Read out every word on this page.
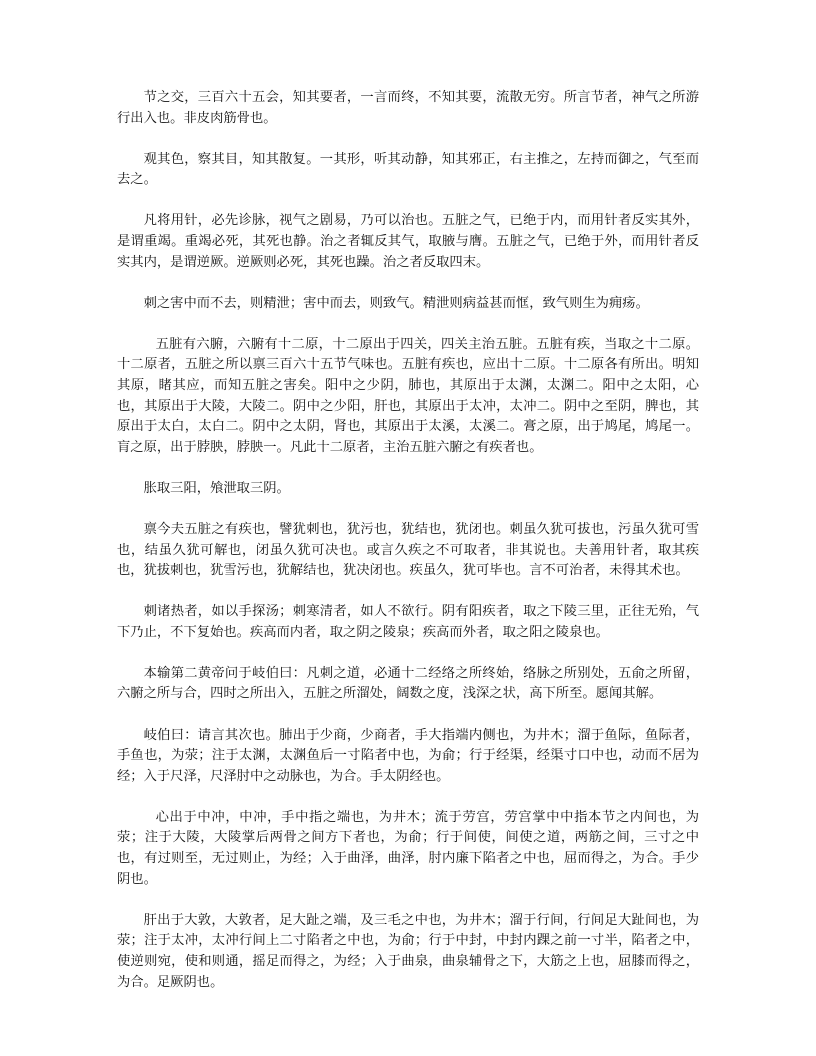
节之交，三百六十五会，知其要者，一言而终，不知其要，流散无穷。所言节者，神气之所游行出入也。非皮肉筋骨也。

观其色，察其目，知其散复。一其形，听其动静，知其邪正，右主推之，左持而御之，气至而去之。

凡将用针，必先诊脉，视气之剧易，乃可以治也。五脏之气，已绝于内，而用针者反实其外，是谓重竭。重竭必死，其死也静。治之者辄反其气，取腋与膺。五脏之气，已绝于外，而用针者反实其内，是谓逆厥。逆厥则必死，其死也躁。治之者反取四末。

刺之害中而不去，则精泄；害中而去，则致气。精泄则病益甚而恇，致气则生为痈疡。

五脏有六腑，六腑有十二原，十二原出于四关，四关主治五脏。五脏有疾，当取之十二原。十二原者，五脏之所以禀三百六十五节气味也。五脏有疾也，应出十二原。十二原各有所出。明知其原，睹其应，而知五脏之害矣。阳中之少阴，肺也，其原出于太渊，太渊二。阳中之太阳，心也，其原出于大陵，大陵二。阴中之少阳，肝也，其原出于太冲，太冲二。阴中之至阴，脾也，其原出于太白，太白二。阴中之太阴，肾也，其原出于太溪，太溪二。膏之原，出于鸠尾，鸠尾一。肓之原，出于脖胦，脖胦一。凡此十二原者，主治五脏六腑之有疾者也。

胀取三阳，飧泄取三阴。

禀今夫五脏之有疾也，譬犹刺也，犹污也，犹结也，犹闭也。刺虽久犹可拔也，污虽久犹可雪也，结虽久犹可解也，闭虽久犹可决也。或言久疾之不可取者，非其说也。夫善用针者，取其疾也，犹拔刺也，犹雪污也，犹解结也，犹决闭也。疾虽久，犹可毕也。言不可治者，未得其术也。

刺诸热者，如以手探汤；刺寒清者，如人不欲行。阴有阳疾者，取之下陵三里，正往无殆，气下乃止，不下复始也。疾高而内者，取之阴之陵泉；疾高而外者，取之阳之陵泉也。

本输第二黄帝问于岐伯曰：凡刺之道，必通十二经络之所终始，络脉之所别处，五俞之所留，六腑之所与合，四时之所出入，五脏之所溜处，阔数之度，浅深之状，高下所至。愿闻其解。

岐伯曰：请言其次也。肺出于少商，少商者，手大指端内侧也，为井木；溜于鱼际，鱼际者，手鱼也，为荥；注于太渊，太渊鱼后一寸陷者中也，为俞；行于经渠，经渠寸口中也，动而不居为经；入于尺泽，尺泽肘中之动脉也，为合。手太阴经也。

心出于中冲，中冲，手中指之端也，为井木；流于劳宫，劳宫掌中中指本节之内间也，为荥；注于大陵，大陵掌后两骨之间方下者也，为俞；行于间使，间使之道，两筋之间，三寸之中也，有过则至，无过则止，为经；入于曲泽，曲泽，肘内廉下陷者之中也，屈而得之，为合。手少阴也。

肝出于大敦，大敦者，足大趾之端，及三毛之中也，为井木；溜于行间，行间足大趾间也，为荥；注于太冲，太冲行间上二寸陷者之中也，为俞；行于中封，中封内踝之前一寸半，陷者之中，使逆则宛，使和则通，摇足而得之，为经；入于曲泉，曲泉辅骨之下，大筋之上也，屈膝而得之，为合。足厥阴也。
